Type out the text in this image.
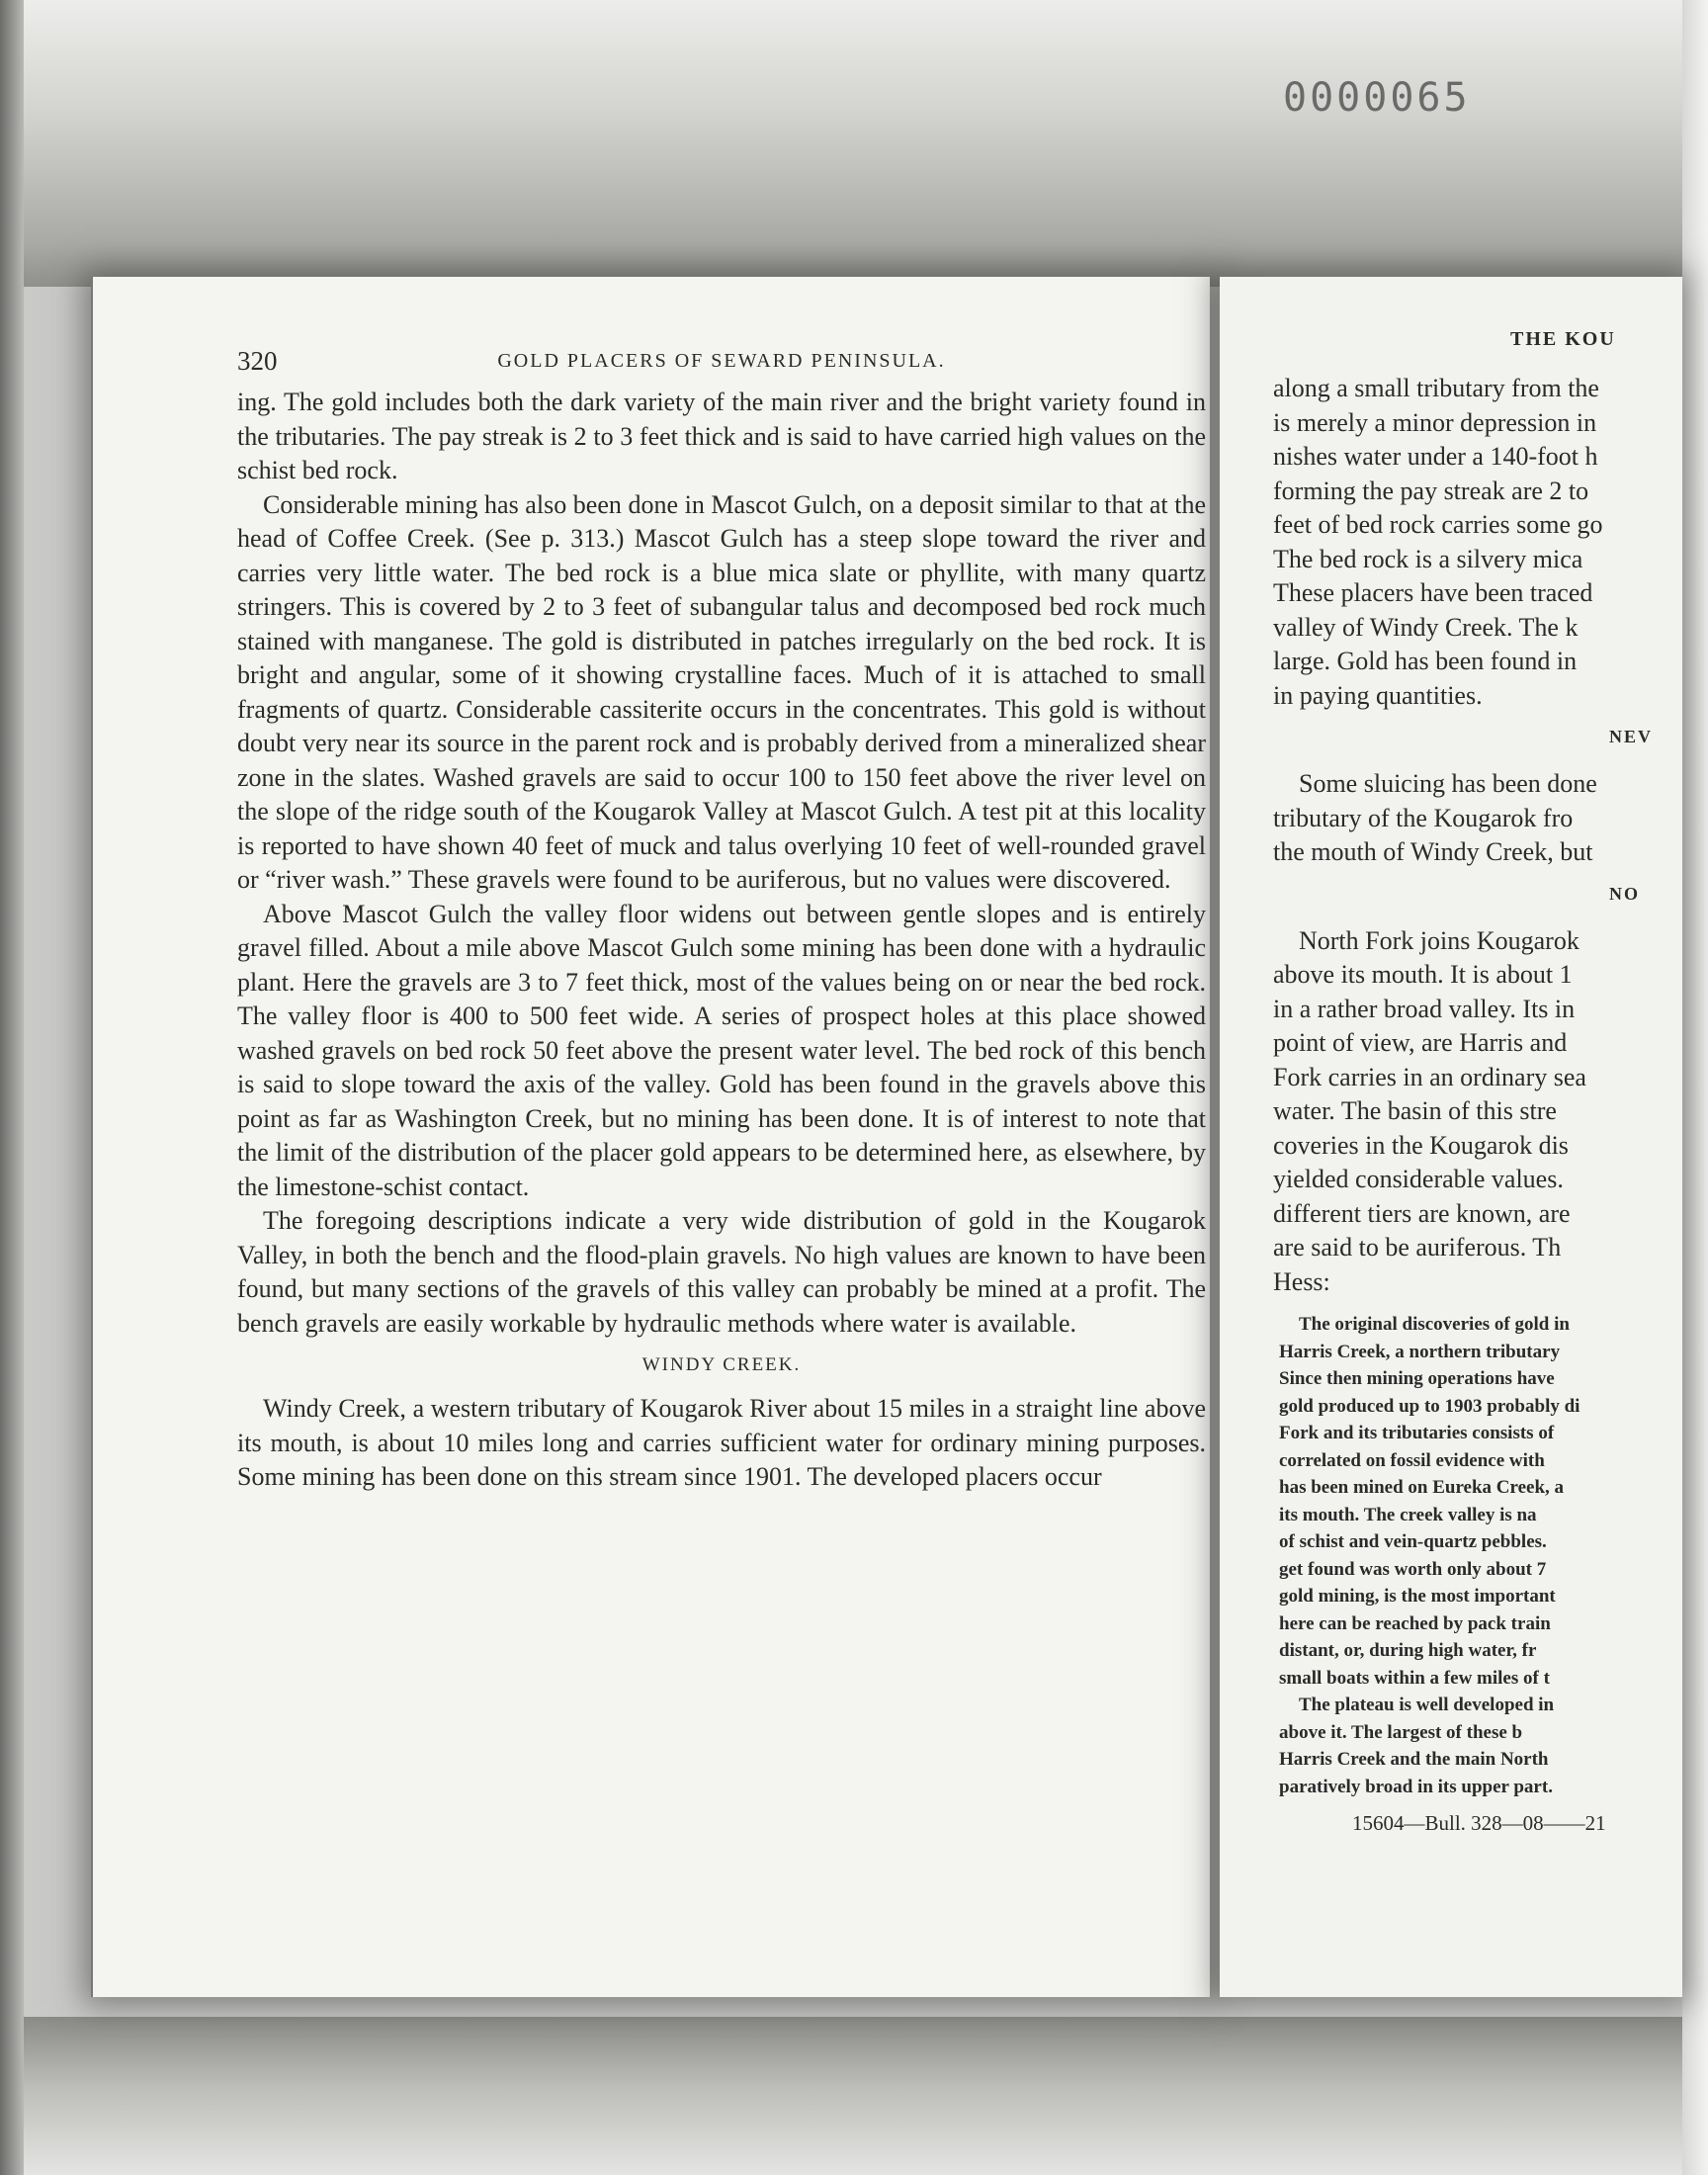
0000065
320	GOLD PLACERS OF SEWARD PENINSULA.

ing. The gold includes both the dark variety of the main river and the bright variety found in the tributaries. The pay streak is 2 to 3 feet thick and is said to have carried high values on the schist bed rock.

Considerable mining has also been done in Mascot Gulch, on a deposit similar to that at the head of Coffee Creek. (See p. 313.) Mascot Gulch has a steep slope toward the river and carries very little water. The bed rock is a blue mica slate or phyllite, with many quartz stringers. This is covered by 2 to 3 feet of subangular talus and decomposed bed rock much stained with manganese. The gold is distributed in patches irregularly on the bed rock. It is bright and angular, some of it showing crystalline faces. Much of it is attached to small fragments of quartz. Considerable cassiterite occurs in the concentrates. This gold is without doubt very near its source in the parent rock and is probably derived from a mineralized shear zone in the slates. Washed gravels are said to occur 100 to 150 feet above the river level on the slope of the ridge south of the Kougarok Valley at Mascot Gulch. A test pit at this locality is reported to have shown 40 feet of muck and talus overlying 10 feet of well-rounded gravel or “river wash.” These gravels were found to be auriferous, but no values were discovered.

Above Mascot Gulch the valley floor widens out between gentle slopes and is entirely gravel filled. About a mile above Mascot Gulch some mining has been done with a hydraulic plant. Here the gravels are 3 to 7 feet thick, most of the values being on or near the bed rock. The valley floor is 400 to 500 feet wide. A series of prospect holes at this place showed washed gravels on bed rock 50 feet above the present water level. The bed rock of this bench is said to slope toward the axis of the valley. Gold has been found in the gravels above this point as far as Washington Creek, but no mining has been done. It is of interest to note that the limit of the distribution of the placer gold appears to be determined here, as elsewhere, by the limestone-schist contact.

The foregoing descriptions indicate a very wide distribution of gold in the Kougarok Valley, in both the bench and the flood-plain gravels. No high values are known to have been found, but many sections of the gravels of this valley can probably be mined at a profit. The bench gravels are easily workable by hydraulic methods where water is available.

WINDY CREEK.

Windy Creek, a western tributary of Kougarok River about 15 miles in a straight line above its mouth, is about 10 miles long and carries sufficient water for ordinary mining purposes. Some mining has been done on this stream since 1901. The developed placers occur

THE KOU
along a small tributary from the
is merely a minor depression in
nishes water under a 140-foot h
forming the pay streak are 2 to
feet of bed rock carries some go
The bed rock is a silvery mica
These placers have been traced
valley of Windy Creek. The k
large. Gold has been found in
in paying quantities.
NEV
Some sluicing has been done
tributary of the Kougarok fro
the mouth of Windy Creek, but
NO
North Fork joins Kougarok
above its mouth. It is about 1
in a rather broad valley. Its in
point of view, are Harris and
Fork carries in an ordinary sea
water. The basin of this stre
coveries in the Kougarok dis
yielded considerable values.
different tiers are known, are
are said to be auriferous. Th
Hess:
The original discoveries of gold in
Harris Creek, a northern tributary
Since then mining operations have
gold produced up to 1903 probably di
Fork and its tributaries consists of
correlated on fossil evidence with
has been mined on Eureka Creek, a
its mouth. The creek valley is na
of schist and vein-quartz pebbles.
get found was worth only about 7
gold mining, is the most important
here can be reached by pack train
distant, or, during high water, fr
small boats within a few miles of t
The plateau is well developed in
above it. The largest of these b
Harris Creek and the main North
paratively broad in its upper part.
15604—Bull. 328—08——21
